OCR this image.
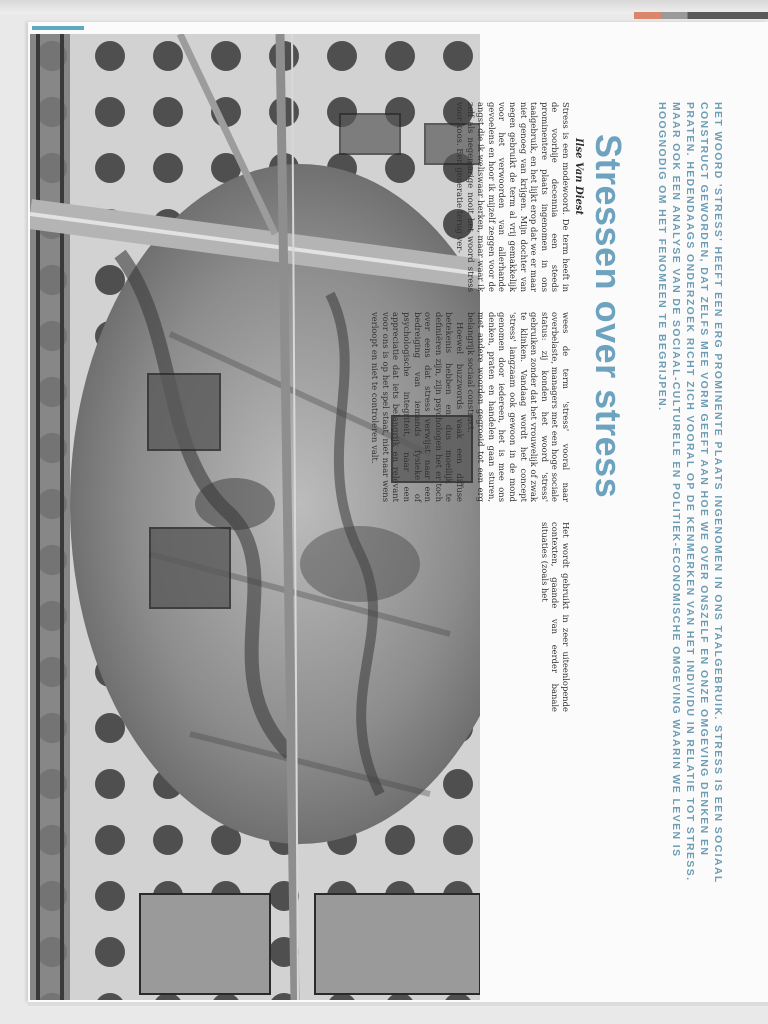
HET WOORD 'STRESS' HEEFT EEN ERG PROMINENTE PLAATS INGENOMEN IN ONS TAALGEBRUIK. STRESS IS EEN SOCIAAL CONSTRUCT GEWORDEN, DAT ZELFS MEE VORM GEEFT AAN HOE WE OVER ONSZELF EN ONZE OMGEVING DENKEN EN PRATEN. HEDENDAAGS ONDERZOEK RICHT ZICH VOORAL OP DE KENMERKEN VAN HET INDIVIDU IN RELATIE TOT STRESS. MAAR OOK EEN ANALYSE VAN DE SOCIAAL-CULTURELE EN POLITIEK-ECONOMISCHE OMGEVING WAARIN WE LEVEN IS HOOGNODIG OM HET FENOMEEN TE BEGRIJPEN.

Stressen over stress

Ilse Van Diest

Stress is een modewoord. De term heeft in de voorbije decennia een steeds prominentere plaats ingenomen in ons taalgebruik, en het lijkt erop dat we er maar niet genoeg van krijgen. Mijn dochter van negen gebruikt de term al vrij gemakkelijk voor het verwoorden van allerhande gevoelens en hoor ik mijzelf zeggen voor de angst die ik weliswaar herken, maar waar ik zelf als negenjarige nooit het woord stress voor koos. Een generatie terug ver-

wees de term 'stress' vooral naar overbelaste, managers met een hoge sociale status: zij konden het woord 'stress' gebruiken zonder dat het vrouwelijk of zwak te klinken. Vandaag wordt het concept 'stress' langzaam ook gewoon in de mond genomen door iedereen, het is mee ons denken, praten en handelen gaan sturen, met andere woorden gegroeid tot een erg belangrijk sociaal construct.

Hoewel buzzwords vaak een diffuse betekenis hebben en dus moeilijk te definiëren zijn, zijn psychologen het er toch over eens dat stress verwijst naar een bedreiging van iemands fysieke of psychologische integriteit, naar een appreciatie dat iets belangrijk en relevant voor ons is op het spel staat, niet naar wens verloopt en niet te controleren valt.

Het wordt gebruikt in zeer uiteenlopende contexten, gaande van eerder banale situaties (zoals het
